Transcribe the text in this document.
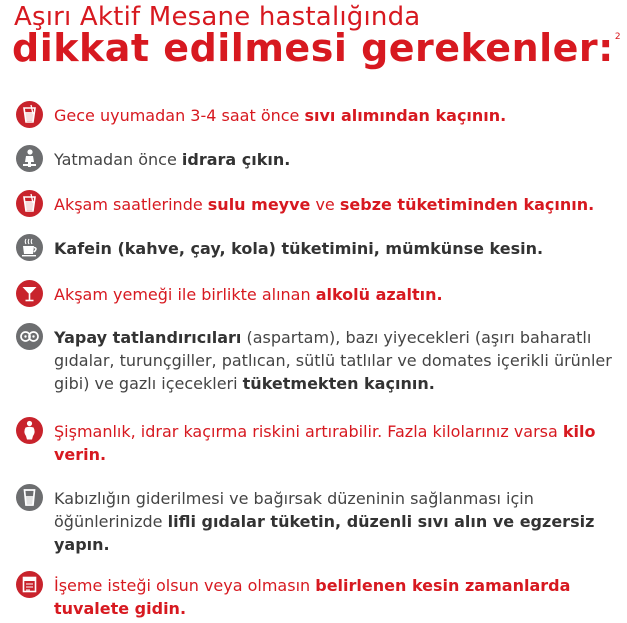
Aşırı Aktif Mesane hastalığında
dikkat edilmesi gerekenler:$^2$
Gece uyumadan 3-4 saat önce sıvı alımından kaçının.
Yatmadan önce idrara çıkın.
Akşam saatlerinde sulu meyve ve sebze tüketiminden kaçının.
Kafein (kahve, çay, kola) tüketimini, mümkünse kesin.
Akşam yemeği ile birlikte alınan alkolü azaltın.
Yapay tatlandırıcıları (aspartam), bazı yiyecekleri (aşırı baharatlı gıdalar, turunçgiller, patlıcan, sütlü tatlılar ve domates içerikli ürünler gibi) ve gazlı içecekleri tüketmekten kaçının.
Şişmanlık, idrar kaçırma riskini artırabilir. Fazla kilolarınız varsa kilo verin.
Kabızlığın giderilmesi ve bağırsak düzeninin sağlanması için öğünlerinizde lifli gıdalar tüketin, düzenli sıvı alın ve egzersiz yapın.
İşeme isteği olsun veya olmasın belirlenen kesin zamanlarda tuvalete gidin.
